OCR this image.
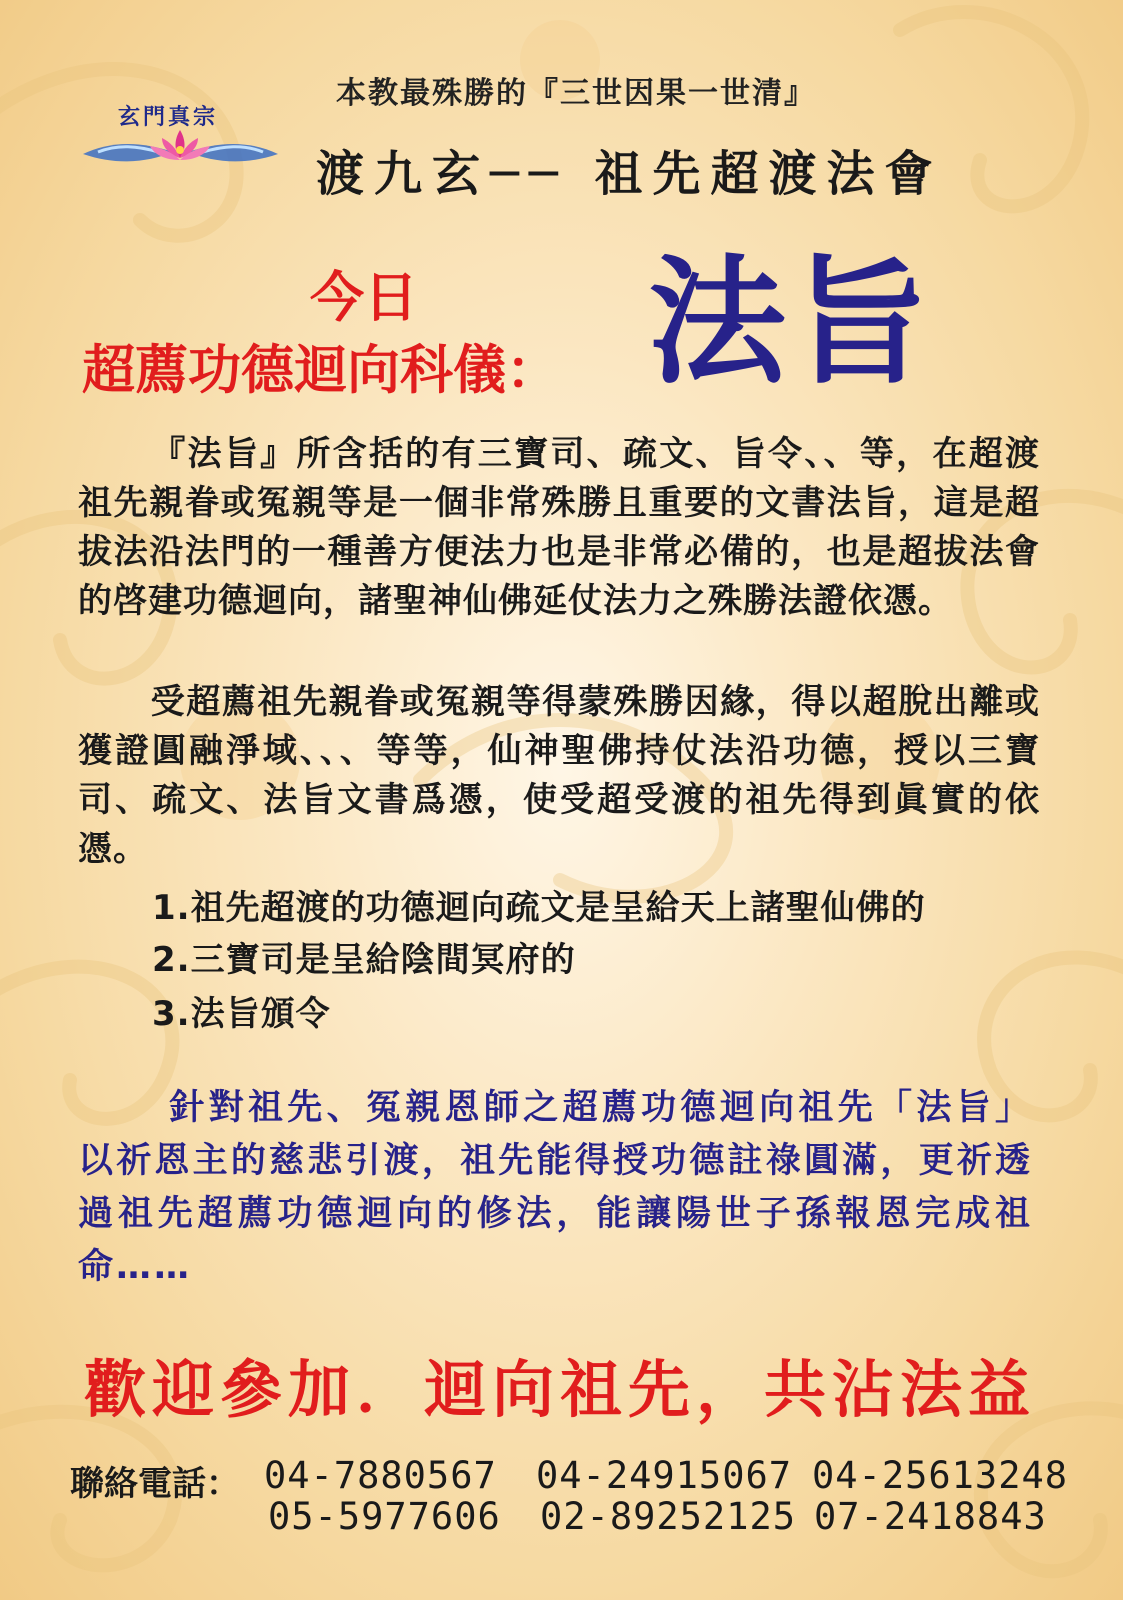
本教最殊勝的『三世因果一世清』
玄門真宗
渡九玄── 祖先超渡法會
今日
超薦功德迴向科儀： 法旨
『法旨』所含括的有三寶司、疏文、旨令、、等，在超渡祖先親眷或冤親等是一個非常殊勝且重要的文書法旨，這是超拔法沿法門的一種善方便法力也是非常必備的，也是超拔法會的啓建功德迴向，諸聖神仙佛延仗法力之殊勝法證依憑。
受超薦祖先親眷或冤親等得蒙殊勝因緣，得以超脫出離或獲證圓融淨域、、、等等，仙神聖佛持仗法沿功德，授以三寶司、疏文、法旨文書爲憑，使受超受渡的祖先得到眞實的依憑。
1.祖先超渡的功德迴向疏文是呈給天上諸聖仙佛的
2.三寶司是呈給陰間冥府的
3.法旨頒令
針對祖先、冤親恩師之超薦功德迴向祖先「法旨」以祈恩主的慈悲引渡，祖先能得授功德註祿圓滿，更祈透過祖先超薦功德迴向的修法，能讓陽世子孫報恩完成祖命……
歡迎參加．迴向祖先，共沾法益
聯絡電話： 04-7880567 04-24915067 04-25613248
05-5977606 02-89252125 07-2418843
